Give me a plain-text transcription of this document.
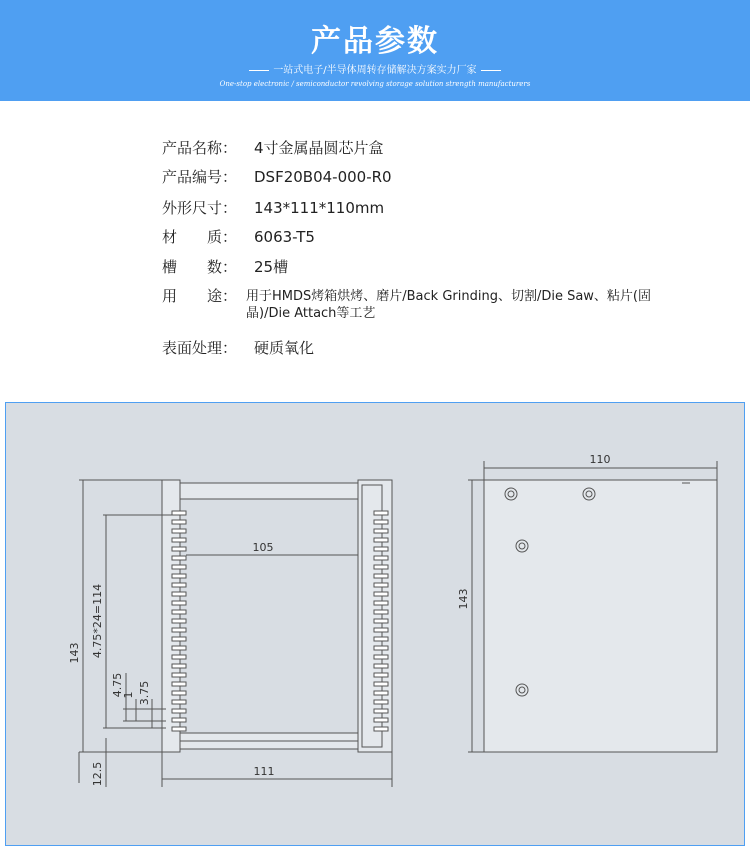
产品参数
一站式电子/半导体周转存储解决方案实力厂家
One-stop electronic / semiconductor revolving storage solution strength manufacturers
产品名称： 4寸金属晶圆芯片盒
产品编号： DSF20B04-000-R0
外形尺寸： 143*111*110mm
材　　质： 6063-T5
槽　　数： 25槽
用　　途： 用于HMDS烤箱烘烤、磨片/Back Grinding、切割/Die Saw、粘片(固晶)/Die Attach等工艺
表面处理： 硬质氧化
105
111
143 4.75*24=114
4.75
1 3.75
12.5
110
143
